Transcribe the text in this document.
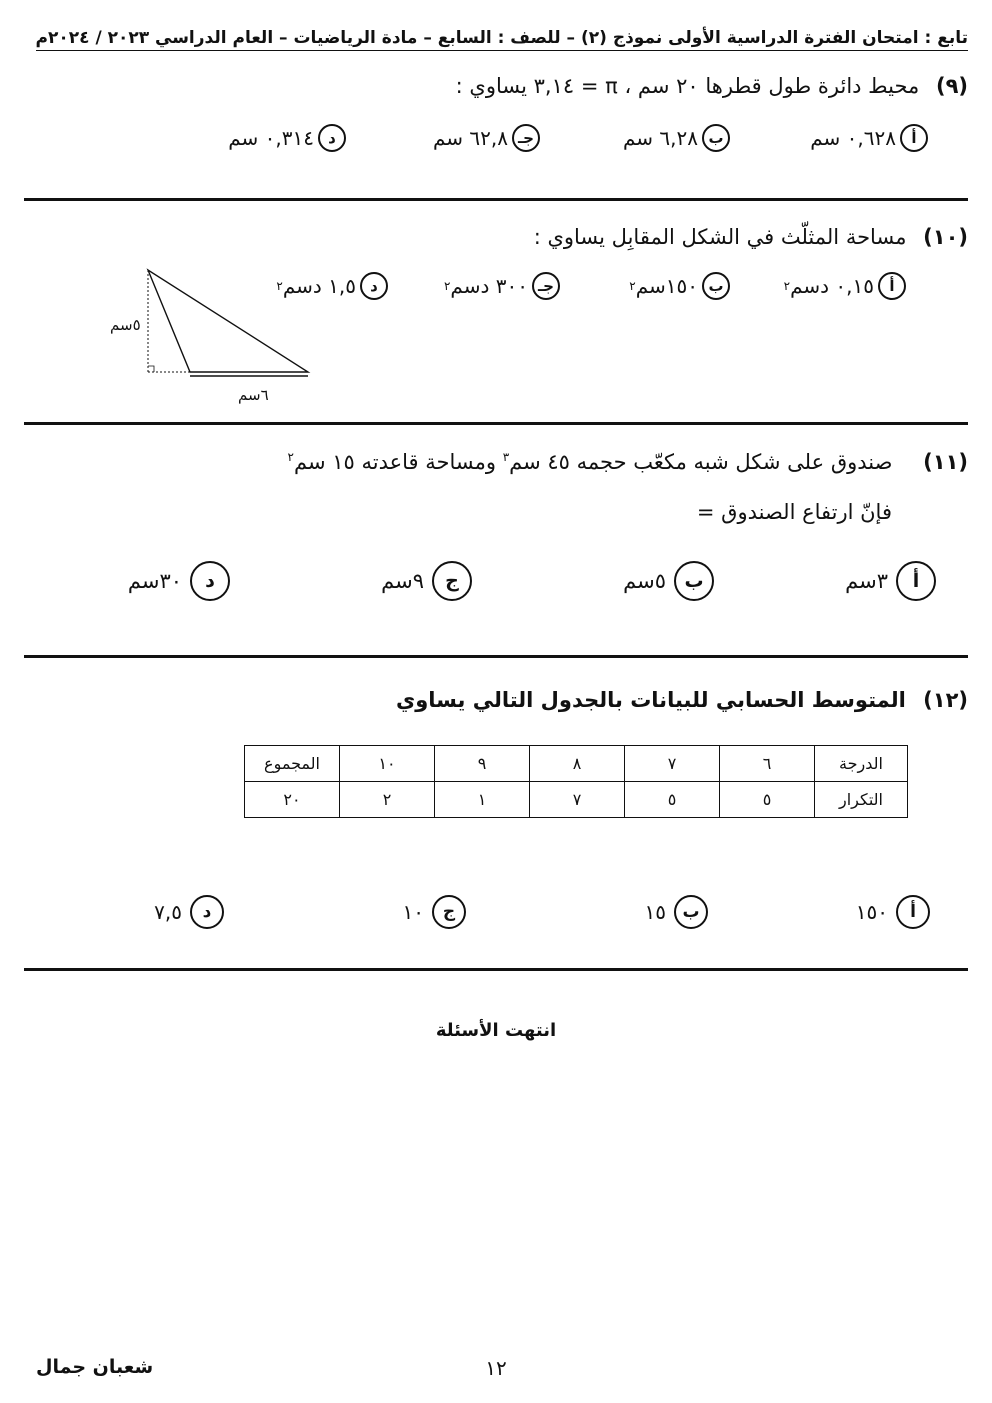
تابع : امتحان الفترة الدراسية الأولى نموذج (٢) – للصف : السابع – مادة الرياضيات – العام الدراسي ٢٠٢٣ / ٢٠٢٤م
(٩) محيط دائرة طول قطرها ٢٠ سم ، π = ٣,١٤ يساوي :
أ
٠,٦٢٨ سم
ب
٦,٢٨ سم
جـ
٦٢,٨ سم
د
٠,٣١٤ سم
(١٠) مساحة المثلّث في الشكل المقابِل يساوي :
أ
٠,١٥ دسم
٢
ب
١٥٠سم
٢
جـ
٣٠٠ دسم
٢
د
١,٥ دسم
٢
٥سم
٦سم
(١١) صندوق على شكل شبه مكعّب حجمه ٤٥ سم$^٣$ ومساحة قاعدته ١٥ سم$^٢$
فإنّ ارتفاع الصندوق =
أ
٣سم
ب
٥سم
ج
٩سم
د
٣٠سم
(١٢) المتوسط الحسابي للبيانات بالجدول التالي يساوي
الدرجة	٦	٧	٨	٩	١٠	المجموع
التكرار	٥	٥	٧	١	٢	٢٠
أ
١٥٠
ب
١٥
ج
١٠
د
٧,٥
انتهت الأسئلة
١٢
شعبان جمال
